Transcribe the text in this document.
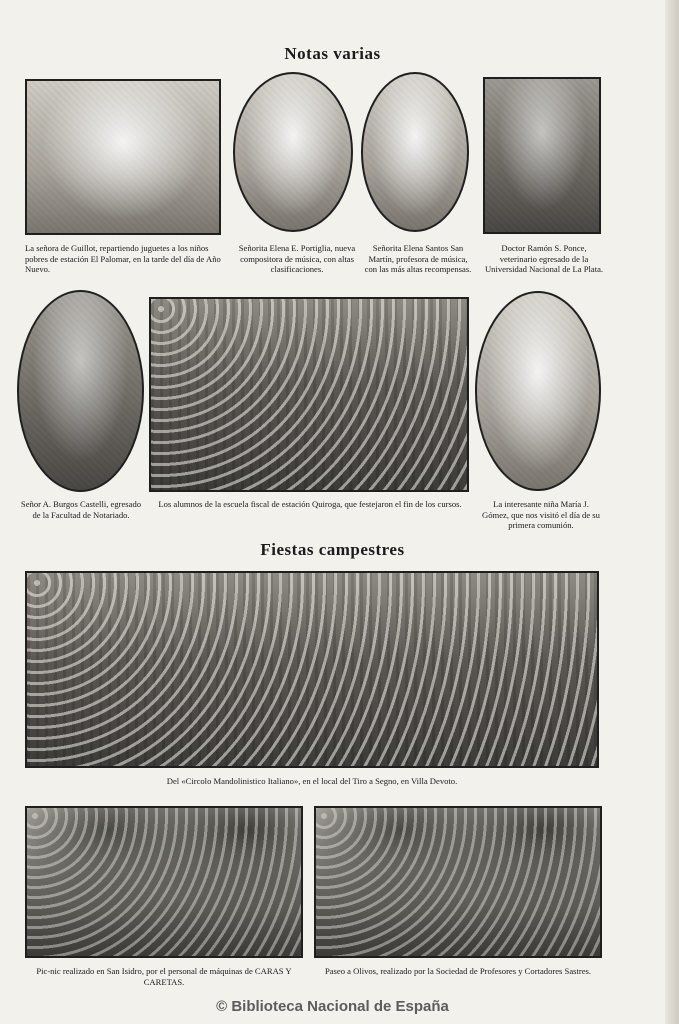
Notas varias
La señora de Guillot, repartiendo juguetes a los niños pobres de estación El Palomar, en la tarde del día de Año Nuevo.
Señorita Elena E. Portiglia, nueva compositora de música, con altas clasificaciones.
Señorita Elena Santos San Martín, profesora de música, con las más altas recompensas.
Doctor Ramón S. Ponce, veterinario egresado de la Universidad Nacional de La Plata.
Señor A. Burgos Castelli, egresado de la Facultad de Notariado.
Los alumnos de la escuela fiscal de estación Quiroga, que festejaron el fin de los cursos.	La interesante niña María J. Gómez, que nos visitó el día de su primera comunión.
Fiestas campestres
Del «Circolo Mandolinistico Italiano», en el local del Tiro a Segno, en Villa Devoto.
Pic-nic realizado en San Isidro, por el personal de máquinas de CARAS Y CARETAS.
Paseo a Olivos, realizado por la Sociedad de Profesores y Cortadores Sastres.
© Biblioteca Nacional de España
